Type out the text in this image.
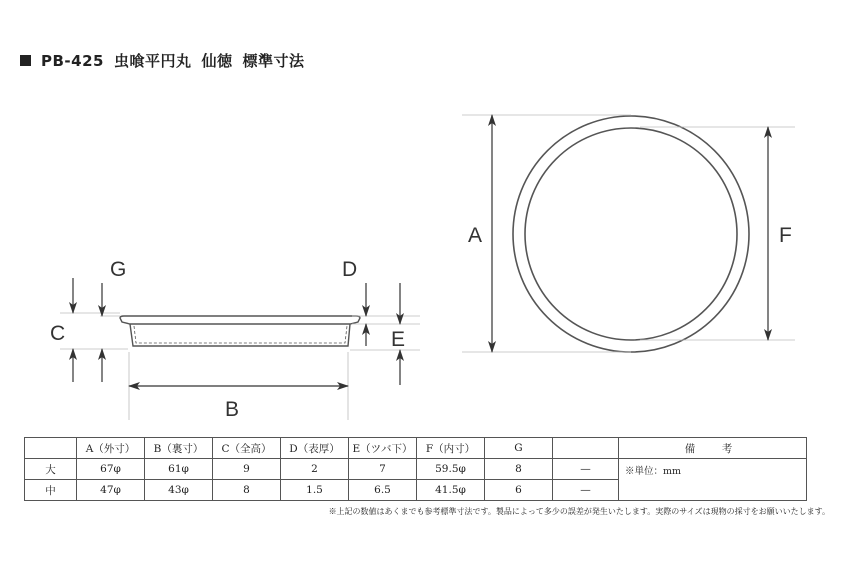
PB-425 虫喰平円丸 仙徳 標準寸法
G	D
C	E
B
A	F
	A（外寸）	B（裏寸）	C（全高）	D（表厚）	E（ツバ下）	F（内寸）	G		備　考
大	67φ	61φ	9	2	7	59.5φ	8	—	※単位：mm
中	47φ	43φ	8	1.5	6.5	41.5φ	6	—	
※上記の数値はあくまでも参考標準寸法です。製品によって多少の誤差が発生いたします。実際のサイズは現物の採寸をお願いいたします。
